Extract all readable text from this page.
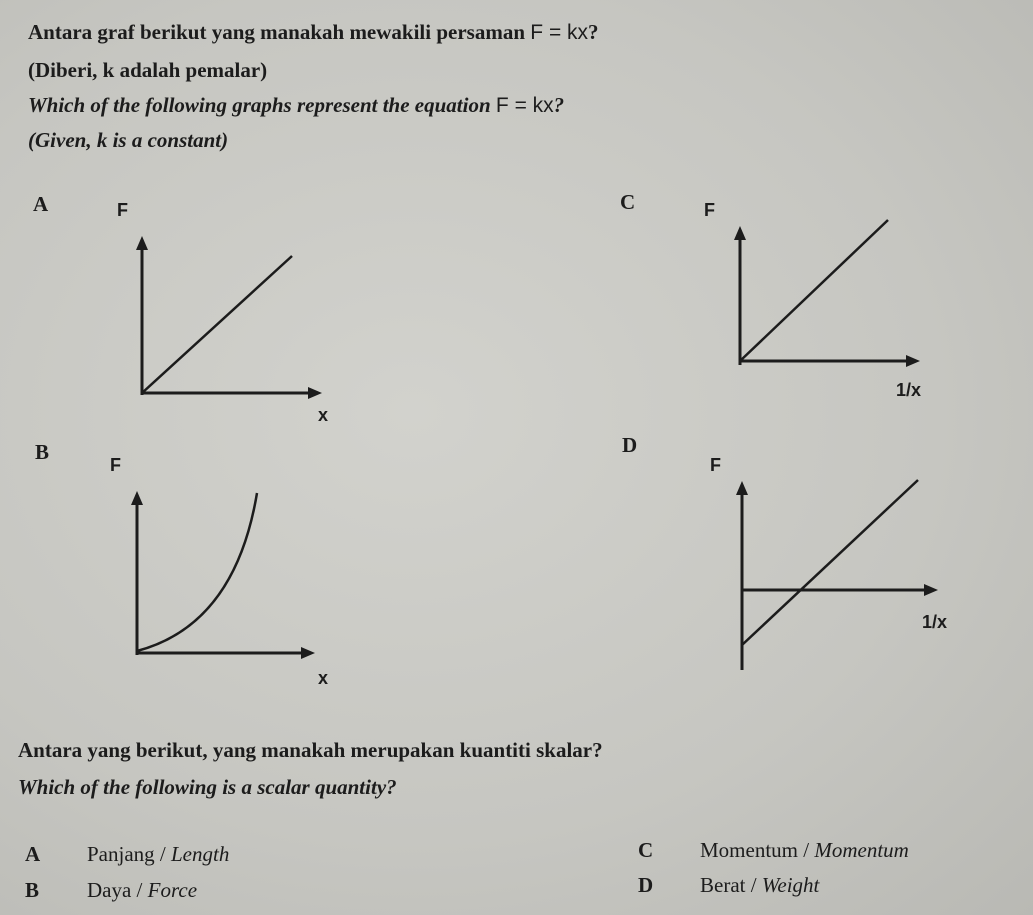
Antara graf berikut yang manakah mewakili persaman F = kx?
(Diberi, k adalah pemalar)
Which of the following graphs represent the equation F = kx?
(Given, k is a constant)
A	F
x
C	F
1/x
B
F
x
D
F
1/x
Antara yang berikut, yang manakah merupakan kuantiti skalar?
Which of the following is a scalar quantity?
A Panjang / Length
B Daya / Force
C Momentum / Momentum
D Berat / Weight
